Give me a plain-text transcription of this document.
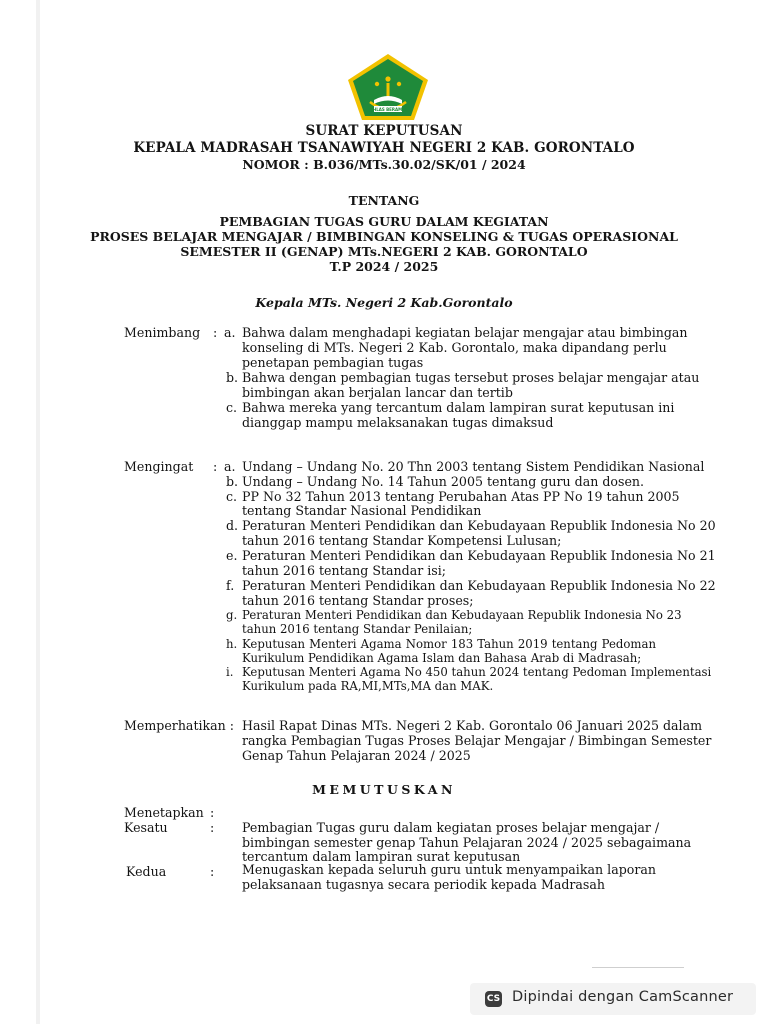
IKHLAS BERAMAL
SURAT KEPUTUSAN
KEPALA MADRASAH TSANAWIYAH NEGERI 2 KAB. GORONTALO
NOMOR : B.036/MTs.30.02/SK/01 / 2024
TENTANG
PEMBAGIAN TUGAS GURU DALAM KEGIATAN
PROSES BELAJAR MENGAJAR / BIMBINGAN KONSELING & TUGAS OPERASIONAL
SEMESTER II (GENAP) MTs.NEGERI 2 KAB. GORONTALO
T.P 2024 / 2025
Kepala MTs. Negeri 2 Kab.Gorontalo
Menimbang : a. Bahwa dalam menghadapi kegiatan belajar mengajar atau bimbingan
konseling di MTs. Negeri 2 Kab. Gorontalo, maka dipandang perlu
penetapan pembagian tugas
b. Bahwa dengan pembagian tugas tersebut proses belajar mengajar atau
bimbingan akan berjalan lancar dan tertib
c. Bahwa mereka yang tercantum dalam lampiran surat keputusan ini
dianggap mampu melaksanakan tugas dimaksud
Mengingat : a. Undang – Undang No. 20 Thn 2003 tentang Sistem Pendidikan Nasional
b. Undang – Undang No. 14 Tahun 2005 tentang guru dan dosen.
c. PP No 32 Tahun 2013 tentang Perubahan Atas PP No 19 tahun 2005
tentang Standar Nasional Pendidikan
d. Peraturan Menteri Pendidikan dan Kebudayaan Republik Indonesia No 20
tahun 2016 tentang Standar Kompetensi Lulusan;
e. Peraturan Menteri Pendidikan dan Kebudayaan Republik Indonesia No 21
tahun 2016 tentang Standar isi;
f. Peraturan Menteri Pendidikan dan Kebudayaan Republik Indonesia No 22
tahun 2016 tentang Standar proses;
g. Peraturan Menteri Pendidikan dan Kebudayaan Republik Indonesia No 23
tahun 2016 tentang Standar Penilaian;
h. Keputusan Menteri Agama Nomor 183 Tahun 2019 tentang Pedoman
Kurikulum Pendidikan Agama Islam dan Bahasa Arab di Madrasah;
i. Keputusan Menteri Agama No 450 tahun 2024 tentang Pedoman Implementasi
Kurikulum pada RA,MI,MTs,MA dan MAK.
Memperhatikan : Hasil Rapat Dinas MTs. Negeri 2 Kab. Gorontalo 06 Januari 2025 dalam
rangka Pembagian Tugas Proses Belajar Mengajar / Bimbingan Semester
Genap Tahun Pelajaran 2024 / 2025
MEMUTUSKAN
Menetapkan :
Kesatu	: Pembagian Tugas guru dalam kegiatan proses belajar mengajar /
bimbingan semester genap Tahun Pelajaran 2024 / 2025 sebagaimana
tercantum dalam lampiran surat keputusan
Kedua	: Menugaskan kepada seluruh guru untuk menyampaikan laporan
pelaksanaan tugasnya secara periodik kepada Madrasah
CS Dipindai dengan CamScanner
